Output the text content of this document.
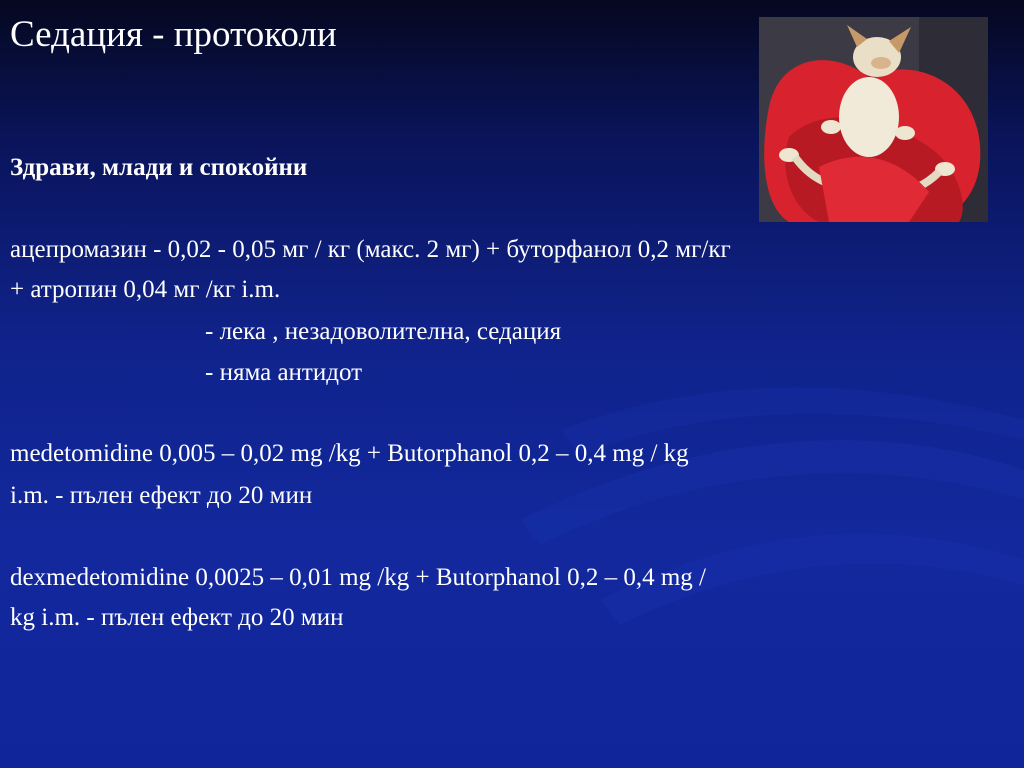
Седация - протоколи
Здрави, млади и спокойни
ацепромазин - 0,02 - 0,05 мг / кг (макс. 2 мг) + буторфанол 0,2 мг/кг
+ атропин 0,04 мг /кг i.m.
- лека , незадоволителна, седация
- няма антидот
medetomidine 0,005 – 0,02 mg /kg + Butorphanol 0,2 – 0,4 mg / kg
i.m. - пълен ефект до 20 мин
dexmedetomidine 0,0025 – 0,01 mg /kg + Butorphanol 0,2 – 0,4 mg /
kg i.m. - пълен ефект до 20 мин
